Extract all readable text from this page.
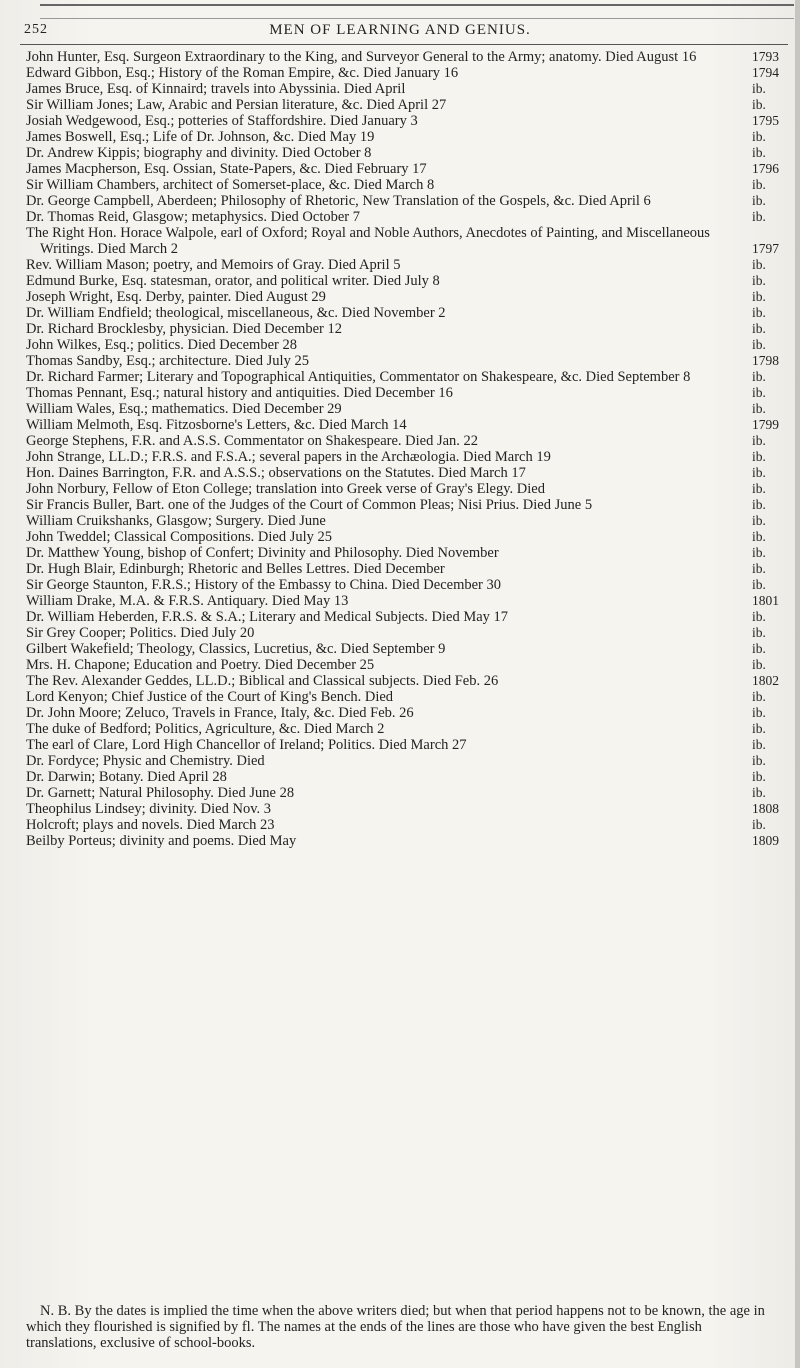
252	MEN OF LEARNING AND GENIUS.

John Hunter, Esq. Surgeon Extraordinary to the King, and Surveyor General to the Army; anatomy. Died August 16	1793

Edward Gibbon, Esq.; History of the Roman Empire, &c. Died January 16	1794

James Bruce, Esq. of Kinnaird; travels into Abyssinia. Died April	ib.

Sir William Jones; Law, Arabic and Persian literature, &c. Died April 27	ib.

Josiah Wedgewood, Esq.; potteries of Staffordshire. Died January 3	1795

James Boswell, Esq.; Life of Dr. Johnson, &c. Died May 19	ib.

Dr. Andrew Kippis; biography and divinity. Died October 8	ib.

James Macpherson, Esq. Ossian, State-Papers, &c. Died February 17	1796

Sir William Chambers, architect of Somerset-place, &c. Died March 8	ib.

Dr. George Campbell, Aberdeen; Philosophy of Rhetoric, New Translation of the Gospels, &c. Died April 6	ib.

Dr. Thomas Reid, Glasgow; metaphysics. Died October 7	ib.

The Right Hon. Horace Walpole, earl of Oxford; Royal and Noble Authors, Anecdotes of Painting, and Miscellaneous Writings. Died March 2	1797

Rev. William Mason; poetry, and Memoirs of Gray. Died April 5	ib.

Edmund Burke, Esq. statesman, orator, and political writer. Died July 8	ib.

Joseph Wright, Esq. Derby, painter. Died August 29	ib.

Dr. William Endfield; theological, miscellaneous, &c. Died November 2	ib.

Dr. Richard Brocklesby, physician. Died December 12	ib.

John Wilkes, Esq.; politics. Died December 28	ib.

Thomas Sandby, Esq.; architecture. Died July 25	1798

Dr. Richard Farmer; Literary and Topographical Antiquities, Commentator on Shakespeare, &c. Died September 8	ib.

Thomas Pennant, Esq.; natural history and antiquities. Died December 16	ib.

William Wales, Esq.; mathematics. Died December 29	ib.

William Melmoth, Esq. Fitzosborne's Letters, &c. Died March 14	1799

George Stephens, F.R. and A.S.S. Commentator on Shakespeare. Died Jan. 22	ib.

John Strange, LL.D.; F.R.S. and F.S.A.; several papers in the Archæologia. Died March 19	ib.

Hon. Daines Barrington, F.R. and A.S.S.; observations on the Statutes. Died March 17	ib.

John Norbury, Fellow of Eton College; translation into Greek verse of Gray's Elegy. Died	ib.

Sir Francis Buller, Bart. one of the Judges of the Court of Common Pleas; Nisi Prius. Died June 5	ib.

William Cruikshanks, Glasgow; Surgery. Died June	ib.

John Tweddel; Classical Compositions. Died July 25	ib.

Dr. Matthew Young, bishop of Confert; Divinity and Philosophy. Died November	ib.

Dr. Hugh Blair, Edinburgh; Rhetoric and Belles Lettres. Died December	ib.

Sir George Staunton, F.R.S.; History of the Embassy to China. Died December 30	ib.

William Drake, M.A. & F.R.S. Antiquary. Died May 13	1801

Dr. William Heberden, F.R.S. & S.A.; Literary and Medical Subjects. Died May 17	ib.

Sir Grey Cooper; Politics. Died July 20	ib.

Gilbert Wakefield; Theology, Classics, Lucretius, &c. Died September 9	ib.

Mrs. H. Chapone; Education and Poetry. Died December 25	ib.

The Rev. Alexander Geddes, LL.D.; Biblical and Classical subjects. Died Feb. 26	1802

Lord Kenyon; Chief Justice of the Court of King's Bench. Died	ib.

Dr. John Moore; Zeluco, Travels in France, Italy, &c. Died Feb. 26	ib.

The duke of Bedford; Politics, Agriculture, &c. Died March 2	ib.

The earl of Clare, Lord High Chancellor of Ireland; Politics. Died March 27	ib.

Dr. Fordyce; Physic and Chemistry. Died	ib.

Dr. Darwin; Botany. Died April 28	ib.

Dr. Garnett; Natural Philosophy. Died June 28	ib.

Theophilus Lindsey; divinity. Died Nov. 3	1808

Holcroft; plays and novels. Died March 23	ib.

Beilby Porteus; divinity and poems. Died May	1809

N. B. By the dates is implied the time when the above writers died; but when that period happens not to be known, the age in which they flourished is signified by fl. The names at the ends of the lines are those who have given the best English translations, exclusive of school-books.
